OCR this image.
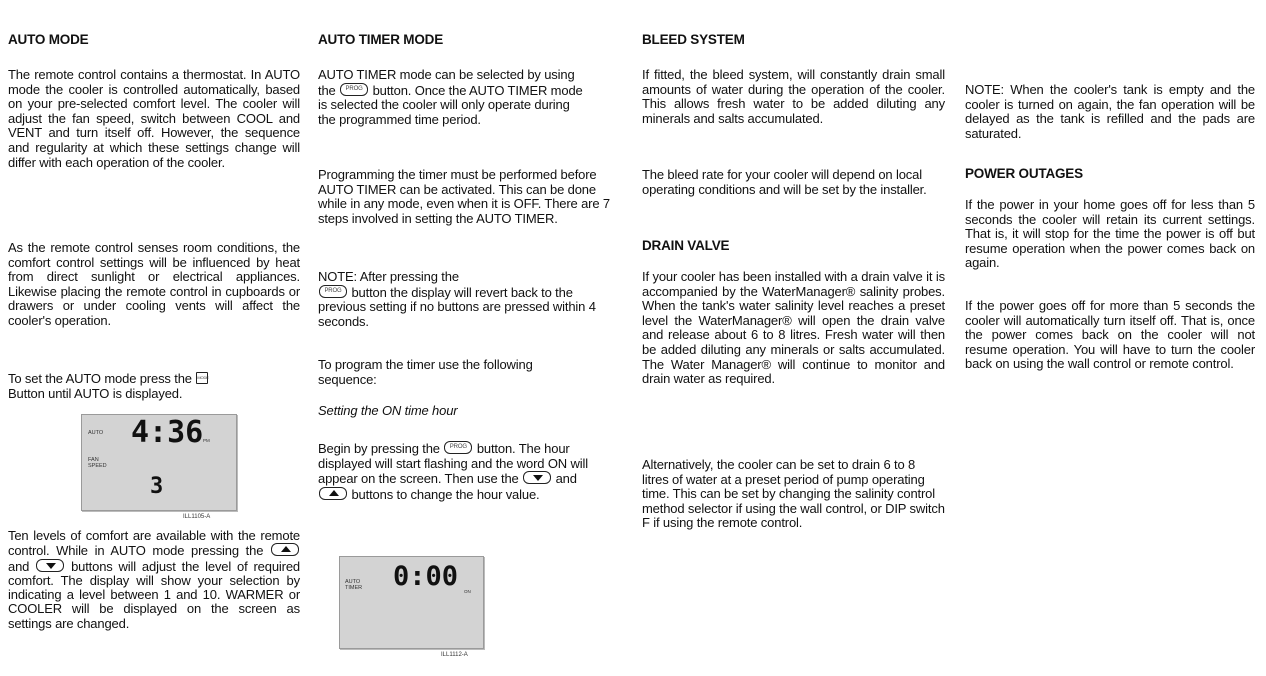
AUTO MODE

The remote control contains a thermostat. In AUTO mode the cooler is controlled automatically, based on your pre-selected comfort level. The cooler will adjust the fan speed, switch between COOL and VENT and turn itself off. However, the sequence and regularity at which these settings change will differ with each operation of the cooler.

As the remote control senses room conditions, the comfort control settings will be influenced by heat from direct sunlight or electrical appliances. Likewise placing the remote control in cupboards or drawers or under cooling vents will affect the cooler's operation.

To set the AUTO mode press the MODE
Button until AUTO is displayed.

AUTO 4:36 PM
FAN
SPEED
3
ILL1105-A

Ten levels of comfort are available with the remote control. While in AUTO mode pressing the
and	buttons will adjust the level of required comfort. The display will show your selection by indicating a level between 1 and 10. WARMER or COOLER will be displayed on the screen as settings are changed.

AUTO TIMER MODE

AUTO TIMER mode can be selected by using the PROG	button. Once the AUTO TIMER mode is selected the cooler will only operate during the programmed time period.

Programming the timer must be performed before AUTO TIMER can be activated. This can be done while in any mode, even when it is OFF. There are 7 steps involved in setting the AUTO TIMER.

NOTE: After pressing the
PROG button the display will revert back to the previous setting if no buttons are pressed within 4 seconds.

To program the timer use the following sequence:

Setting the ON time hour

Begin by pressing the PROG	button. The hour displayed will start flashing and the word ON will appear on the screen. Then use the	and
buttons to change the hour value.

AUTO
TIMER 0:00 ON
ILL1112-A
BLEED SYSTEM

If fitted, the bleed system, will constantly drain small amounts of water during the operation of the cooler. This allows fresh water to be added diluting any minerals and salts accumulated.

The bleed rate for your cooler will depend on local operating conditions and will be set by the installer.

DRAIN VALVE

If your cooler has been installed with a drain valve it is accompanied by the WaterManager® salinity probes. When the tank's water salinity level reaches a preset level the WaterManager® will open the drain valve and release about 6 to 8 litres. Fresh water will then be added diluting any minerals or salts accumulated. The Water Manager® will continue to monitor and drain water as required.

Alternatively, the cooler can be set to drain 6 to 8 litres of water at a preset period of pump operating time. This can be set by changing the salinity control method selector if using the wall control, or DIP switch F if using the remote control.

NOTE: When the cooler's tank is empty and the cooler is turned on again, the fan operation will be delayed as the tank is refilled and the pads are saturated.

POWER OUTAGES

If the power in your home goes off for less than 5 seconds the cooler will retain its current settings. That is, it will stop for the time the power is off but resume operation when the power comes back on again.

If the power goes off for more than 5 seconds the cooler will automatically turn itself off. That is, once the power comes back on the cooler will not resume operation. You will have to turn the cooler back on using the wall control or remote control.
